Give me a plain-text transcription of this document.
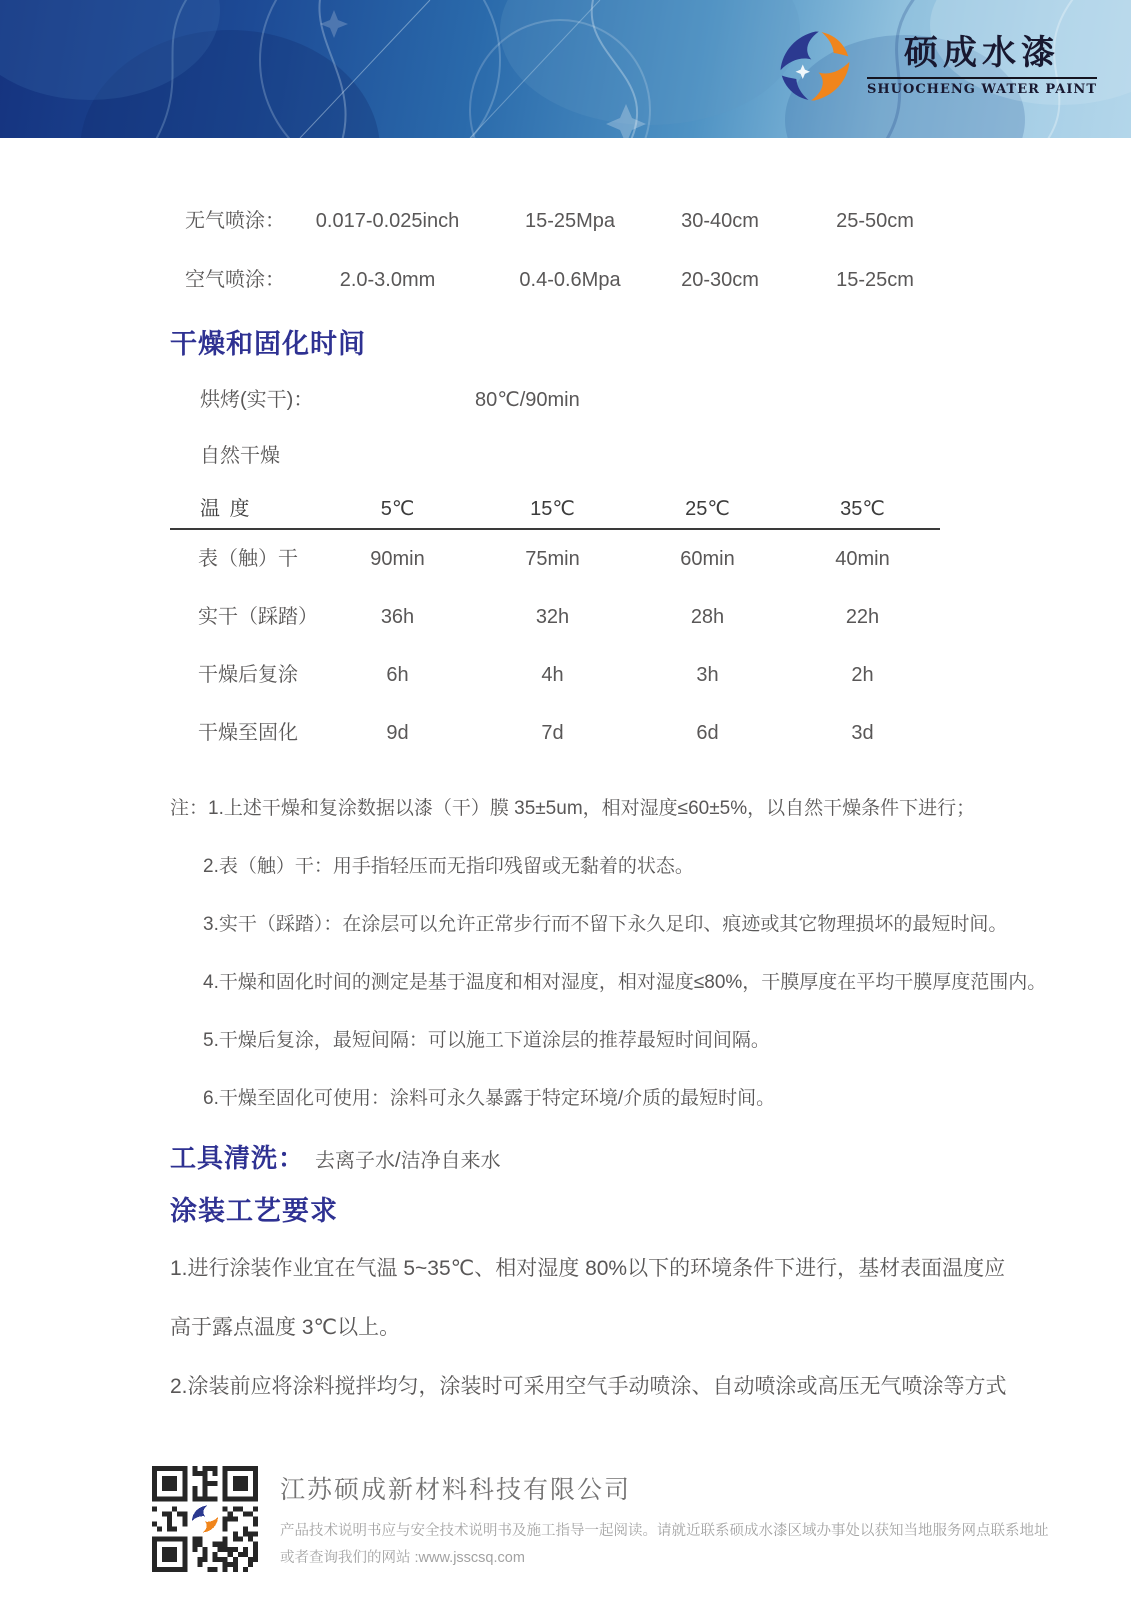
硕成水漆
SHUOCHENG WATER PAINT
无气喷涂：	0.017-0.025inch	15-25Mpa	30-40cm	25-50cm
空气喷涂：	2.0-3.0mm	0.4-0.6Mpa	20-30cm	15-25cm
干燥和固化时间
烘烤(实干)：	80℃/90min
自然干燥
温 度	5℃	15℃	25℃	35℃
表（触）干	90min	75min	60min	40min
实干（踩踏）	36h	32h	28h	22h
干燥后复涂	6h	4h	3h	2h
干燥至固化	9d	7d	6d	3d

注：1.上述干燥和复涂数据以漆（干）膜 35±5um，相对湿度≤60±5%，以自然干燥条件下进行；

2.表（触）干：用手指轻压而无指印残留或无黏着的状态。

3.实干（踩踏）：在涂层可以允许正常步行而不留下永久足印、痕迹或其它物理损坏的最短时间。

4.干燥和固化时间的测定是基于温度和相对湿度，相对湿度≤80%，干膜厚度在平均干膜厚度范围内。

5.干燥后复涂，最短间隔：可以施工下道涂层的推荐最短时间间隔。

6.干燥至固化可使用：涂料可永久暴露于特定环境/介质的最短时间。

工具清洗： 去离子水/洁净自来水
涂装工艺要求

1.进行涂装作业宜在气温 5~35℃、相对湿度 80%以下的环境条件下进行，基材表面温度应

高于露点温度 3℃以上。

2.涂装前应将涂料搅拌均匀，涂装时可采用空气手动喷涂、自动喷涂或高压无气喷涂等方式

江苏硕成新材料科技有限公司
产品技术说明书应与安全技术说明书及施工指导一起阅读。请就近联系硕成水漆区域办事处以获知当地服务网点联系地址
或者查询我们的网站 :www.jsscsq.com
